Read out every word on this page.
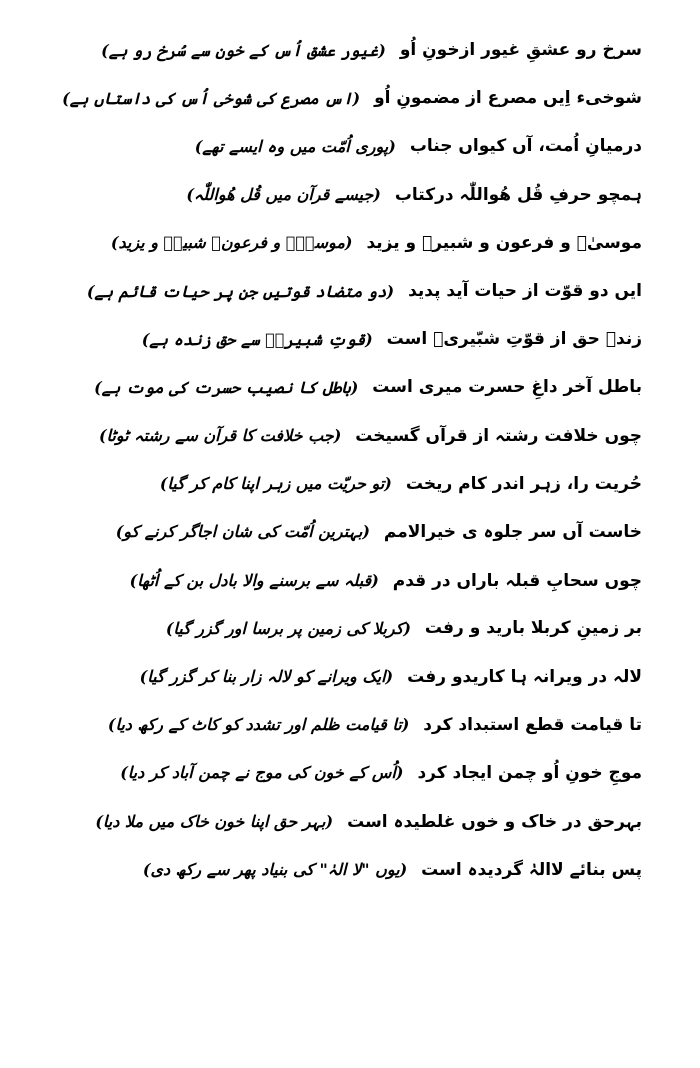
سرخ رو عشقِ غیور ازخونِ اُو
(غیور عشق اُس کے خون سے سُرخ رو ہے)
شوخیء اِیں مصرع از مضمونِ اُو
(اس مصرع کی شوخی اُس کی داستاں ہے)
درمیانِ اُمت، آں کیواں جناب
(پوری اُمّت میں وہ ایسے تھے)
ہمچو حرفِ قُل ھُواللّٰہ درکتاب
(جیسے قرآن میں قُل ھُواللّٰہ)
موسیٰؑ و فرعون و شبیرؑ و یزید
(موسیٰؑ و فرعون۔ شبیرؑ و یزید)
ایں دو قوّت از حیات آید پدید
(دو متضاد قوتیں جن پر حیات قائم ہے)
زندہ حق از قوّتِ شبّیریؑ است
(قوتِ شبیریؑ سے حق زندہ ہے)
باطل آخر داغِ حسرت میری است
(باطل کا نصیب حسرت کی موت ہے)
چوں خلافت رشتہ از قرآں گسیخت
(جب خلافت کا قرآن سے رشتہ ٹوٹا)
حُریت را، زہر اندر کام ریخت
(تو حریّت میں زہر اپنا کام کر گیا)
خاست آں سر جلوہ ی خیرالامم
(بہترین اُمّت کی شان اجاگر کرنے کو)
چوں سحابِ قبلہ باراں در قدم
(قبلہ سے برسنے والا بادل بن کے اُٹھا)
بر زمینِ کربلا بارید و رفت
(کربلا کی زمین پر برسا اور گزر گیا)
لالہ در ویرانہ ہا کاریدو رفت
(ایک ویرانے کو لالہ زار بنا کر گزر گیا)
تا قیامت قطع استبداد کرد
(تا قیامت ظلم اور تشدد کو کاٹ کے رکھ دیا)
موجِ خونِ اُو چمن ایجاد کرد
(اُس کے خون کی موج نے چمن آباد کر دیا)
بہرحق در خاک و خوں غلطیدہ است
(بہر حق اپنا خون خاک میں ملا دیا)
پس بنائے لاالہٰ گردیدہ است
(یوں "لا الہٰ" کی بنیاد پھر سے رکھ دی)
